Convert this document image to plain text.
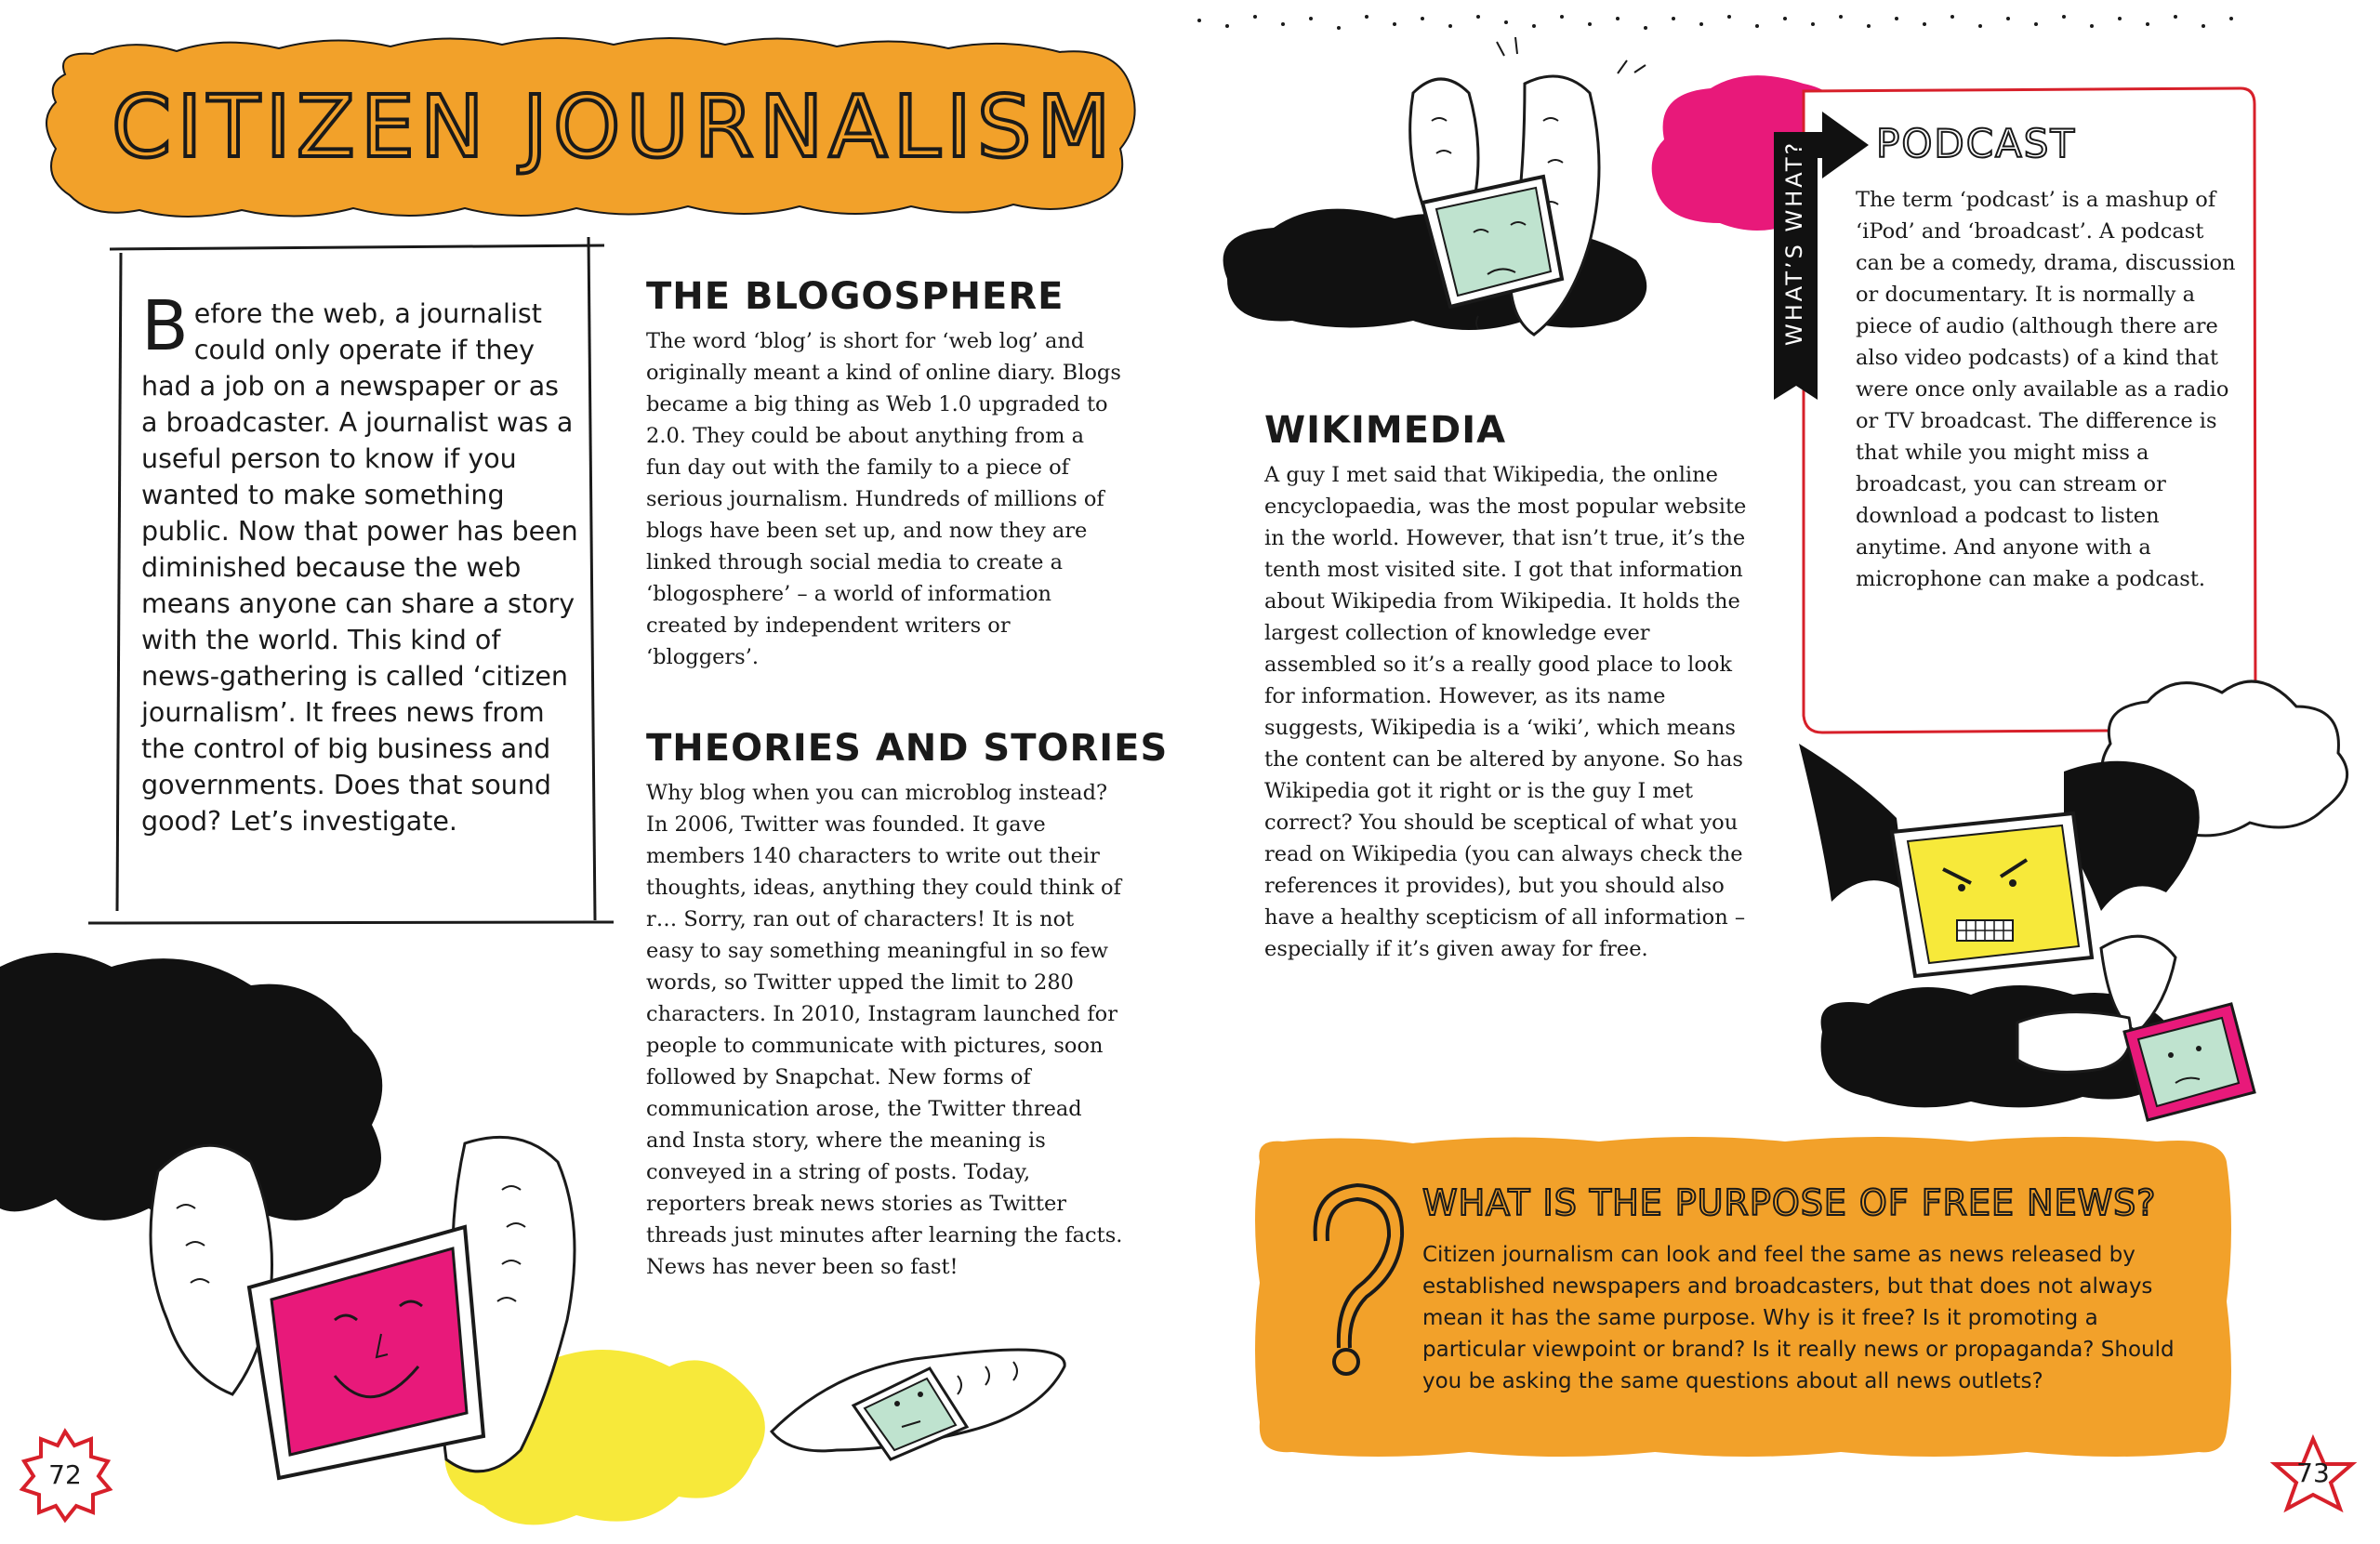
CITIZEN JOURNALISM
B efore the web, a journalist could only operate if they had a job on a newspaper or as a broadcaster. A journalist was a useful person to know if you wanted to make something public. Now that power has been diminished because the web means anyone can share a story with the world. This kind of news-gathering is called ‘citizen journalism’. It frees news from the control of big business and governments. Does that sound good? Let’s investigate.
THE BLOGOSPHERE
The word ‘blog’ is short for ‘web log’ and originally meant a kind of online diary. Blogs became a big thing as Web 1.0 upgraded to 2.0. They could be about anything from a fun day out with the family to a piece of serious journalism. Hundreds of millions of blogs have been set up, and now they are linked through social media to create a ‘blogosphere’ – a world of information created by independent writers or ‘bloggers’.
THEORIES AND STORIES
Why blog when you can microblog instead? In 2006, Twitter was founded. It gave members 140 characters to write out their thoughts, ideas, anything they could think of r… Sorry, ran out of characters! It is not easy to say something meaningful in so few words, so Twitter upped the limit to 280 characters. In 2010, Instagram launched for people to communicate with pictures, soon followed by Snapchat. New forms of communication arose, the Twitter thread and Insta story, where the meaning is conveyed in a string of posts. Today, reporters break news stories as Twitter threads just minutes after learning the facts. News has never been so fast!
WIKIMEDIA
A guy I met said that Wikipedia, the online encyclopaedia, was the most popular website in the world. However, that isn’t true, it’s the tenth most visited site. I got that information about Wikipedia from Wikipedia. It holds the largest collection of knowledge ever assembled so it’s a really good place to look for information. However, as its name suggests, Wikipedia is a ‘wiki’, which means the content can be altered by anyone. So has Wikipedia got it right or is the guy I met correct? You should be sceptical of what you read on Wikipedia (you can always check the references it provides), but you should also have a healthy scepticism of all information – especially if it’s given away for free.
WHAT’S WHAT? PODCAST
The term ‘podcast’ is a mashup of ‘iPod’ and ‘broadcast’. A podcast can be a comedy, drama, discussion or documentary. It is normally a piece of audio (although there are also video podcasts) of a kind that were once only available as a radio or TV broadcast. The difference is that while you might miss a broadcast, you can stream or download a podcast to listen anytime. And anyone with a microphone can make a podcast.
WHAT IS THE PURPOSE OF FREE NEWS?
Citizen journalism can look and feel the same as news released by established newspapers and broadcasters, but that does not always mean it has the same purpose. Why is it free? Is it promoting a particular viewpoint or brand? Is it really news or propaganda? Should you be asking the same questions about all news outlets?
72	73
